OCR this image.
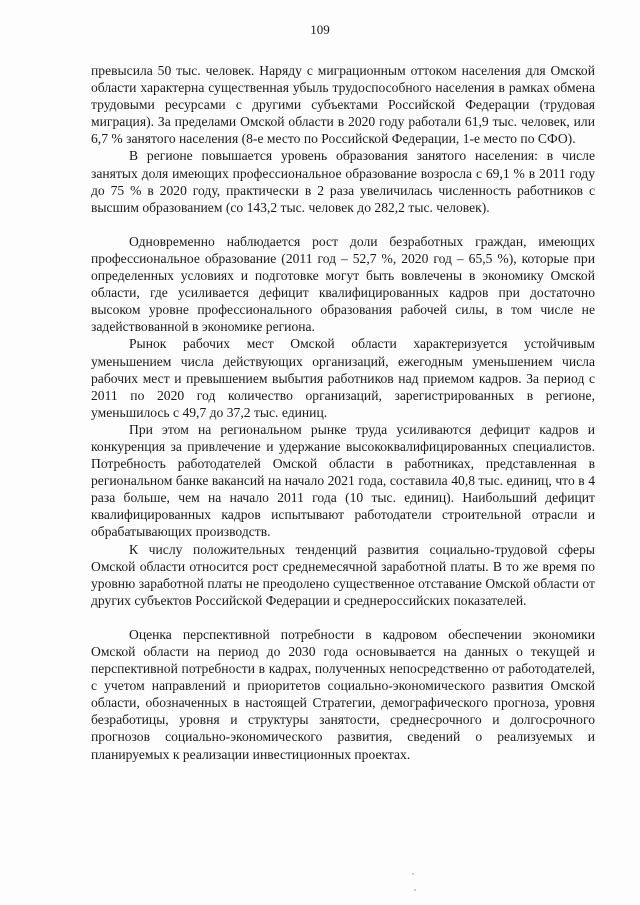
109

превысила 50 тыс. человек. Наряду с миграционным оттоком населения для Омской области характерна существенная убыль трудоспособного населения в рамках обмена трудовыми ресурсами с другими субъектами Российской Федерации (трудовая миграция). За пределами Омской области в 2020 году работали 61,9 тыс. человек, или 6,7 % занятого населения (8-е место по Российской Федерации, 1-е место по СФО).

В регионе повышается уровень образования занятого населения: в числе занятых доля имеющих профессиональное образование возросла с 69,1 % в 2011 году до 75 % в 2020 году, практически в 2 раза увеличилась численность работников с высшим образованием (со 143,2 тыс. человек до 282,2 тыс. человек).

Одновременно наблюдается рост доли безработных граждан, имеющих профессиональное образование (2011 год – 52,7 %, 2020 год – 65,5 %), которые при определенных условиях и подготовке могут быть вовлечены в экономику Омской области, где усиливается дефицит квалифицированных кадров при достаточно высоком уровне профессионального образования рабочей силы, в том числе не задействованной в экономике региона.

Рынок рабочих мест Омской области характеризуется устойчивым уменьшением числа действующих организаций, ежегодным уменьшением числа рабочих мест и превышением выбытия работников над приемом кадров. За период с 2011 по 2020 год количество организаций, зарегистрированных в регионе, уменьшилось с 49,7 до 37,2 тыс. единиц.

При этом на региональном рынке труда усиливаются дефицит кадров и конкуренция за привлечение и удержание высококвалифицированных специалистов. Потребность работодателей Омской области в работниках, представленная в региональном банке вакансий на начало 2021 года, составила 40,8 тыс. единиц, что в 4 раза больше, чем на начало 2011 года (10 тыс. единиц). Наибольший дефицит квалифицированных кадров испытывают работодатели строительной отрасли и обрабатывающих производств.

К числу положительных тенденций развития социально-трудовой сферы Омской области относится рост среднемесячной заработной платы. В то же время по уровню заработной платы не преодолено существенное отставание Омской области от других субъектов Российской Федерации и среднероссийских показателей.

Оценка перспективной потребности в кадровом обеспечении экономики Омской области на период до 2030 года основывается на данных о текущей и перспективной потребности в кадрах, полученных непосредственно от работодателей, с учетом направлений и приоритетов социально-экономического развития Омской области, обозначенных в настоящей Стратегии, демографического прогноза, уровня безработицы, уровня и структуры занятости, среднесрочного и долгосрочного прогнозов социально-экономического развития, сведений о реализуемых и планируемых к реализации инвестиционных проектах.
